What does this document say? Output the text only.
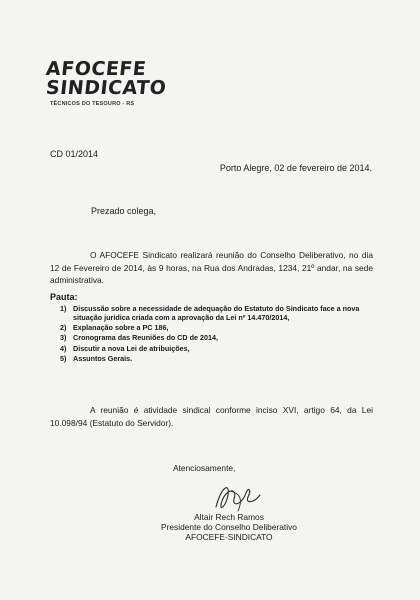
AFOCEFE
SINDICATO
TÉCNICOS DO TESOURO - RS
CD 01/2014
Porto Alegre, 02 de fevereiro de 2014.
Prezado colega,
O AFOCEFE Sindicato realizará reunião do Conselho Deliberativo, no dia 12 de Fevereiro de 2014, às 9 horas, na Rua dos Andradas, 1234, 21º andar, na sede administrativa.
Pauta:
1) Discussão sobre a necessidade de adequação do Estatuto do Sindicato face a nova situação jurídica criada com a aprovação da Lei nº 14.470/2014,
2) Explanação sobre a PC 186,
3) Cronograma das Reuniões do CD de 2014,
4) Discutir a nova Lei de atribuições,
5) Assuntos Gerais.
A reunião é atividade sindical conforme inciso XVI, artigo 64, da Lei 10.098/94 (Estatuto do Servidor).
Atenciosamente,
Altair Rech Ramos
Presidente do Conselho Deliberativo
AFOCEFE-SINDICATO
